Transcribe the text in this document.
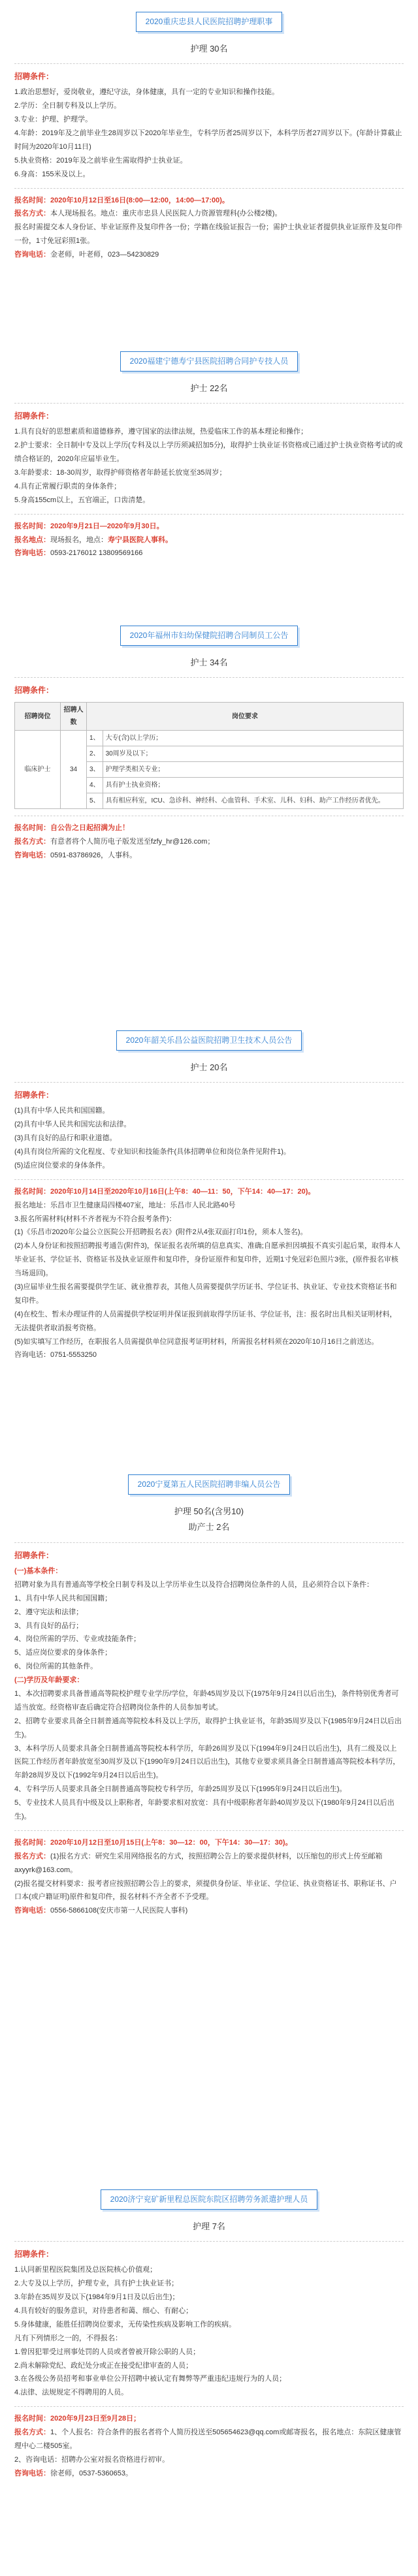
2020重庆忠县人民医院招聘护理职事
护理 30名
招聘条件：
1.政治思想好，爱岗敬业，遵纪守法，身体健康，具有一定的专业知识和操作技能。
2.学历：全日制专科及以上学历。
3.专业：护理、护理学。
4.年龄：2019年及之前毕业生28周岁以下2020年毕业生，专科学历者25周岁以下，本科学历者27周岁以下。(年龄计算截止时间为2020年10月11日)
5.执业资格：2019年及之前毕业生需取得护士执业证。
6.身高：155米及以上。
报名时间：2020年10月12日至16日(8:00—12:00，14:00—17:00)。
报名方式：本人现场报名。地点：重庆市忠县人民医院人力资源管理科(办公楼2楼)。
报名时需提交本人身份证、毕业证原件及复印件各一份；学籍在线验证报告一份；需护士执业证者提供执业证原件及复印件一份，1寸免冠彩照1张。
咨询电话：金老师，叶老师，023—54230829
2020福建宁德寿宁县医院招聘合同护专技人员
护士 22名
招聘条件：
1.具有良好的思想素质和道德修养，遵守国家的法律法规，热爱临床工作的基本理论和操作；
2.护士要求：全日制中专及以上学历(专科及以上学历须减招加5分)，取得护士执业证书资格或已通过护士执业资格考试的或绩合格证的，2020年应届毕业生。
3.年龄要求：18-30周岁，取得护师资格者年龄延长放宽至35周岁；
4.具有正常履行职责的身体条件；
5.身高155cm以上，五官端正，口齿清楚。
报名时间：2020年9月21日—2020年9月30日。
报名地点：现场报名，地点：寿宁县医院人事科。
咨询电话：0593-2176012 13809569166
2020年福州市妇幼保健院招聘合同制员工公告
护士 34名
招聘条件：
招聘岗位	招聘人数	岗位要求	
临床护士	34	1、	大专(含)以上学历；
		2、	30周岁及以下；
		3、	护理学类相关专业；
		4、	具有护士执业资格；
		5、	具有相应科室，ICU、急诊科、神经科、心血管科、手术室、儿科、妇科、助产工作经历者优先。
报名时间：自公告之日起招满为止！
报名方式：有意者将个人简历电子版发送至fzfy_hr@126.com；
咨询电话：0591-83786926，人事科。
2020年韶关乐昌公益医院招聘卫生技术人员公告
护士 20名
招聘条件：
(1)具有中华人民共和国国籍。
(2)具有中华人民共和国宪法和法律。
(3)具有良好的品行和职业道德。
(4)具有岗位所需的文化程度、专业知识和技能条件(具体招聘单位和岗位条件见附件1)。
(5)适应岗位要求的身体条件。
报名时间：2020年10月14日至2020年10月16日(上午8：40—11：50，下午14：40—17：20)。
报名地址：乐昌市卫生健康局四楼407室，地址：乐昌市人民北路40号
3.报名所需材料(材料不齐者视为不符合报考条件)：
(1)《乐昌市2020年公益公立医院公开招聘报名表》(附件2从4张双面打印1份，须本人签名)。
(2)本人身份证和按照招聘报考通告(附件3)，保证报名表所填的信息真实、准确;自愿承担因填报不真实引起后果，取得本人毕业证书、学位证书、资格证书及执业证原件和复印件，身份证原件和复印件，近期1寸免冠彩色照片3张，(原件报名审核当场退回)。
(3)应届毕业生报名需要提供学生证、就业推荐表，其他人员需要提供学历证书、学位证书、执业证、专业技术资格证书和复印件。
(4)在校生、暂未办理证件的人员需提供学校证明并保证报到前取得学历证书、学位证书，注：报名时出具相关证明材料，无法提供者取消报考资格。
(5)如实填写工作经历，在职报名人员需提供单位同意报考证明材料，所需报名材料须在2020年10月16日之前送达。
咨询电话：0751-5553250
2020宁夏第五人民医院招聘非编人员公告
护理 50名(含男10)
助产士 2名
招聘条件：
(一)基本条件：
招聘对象为具有普通高等学校全日制专科及以上学历毕业生以及符合招聘岗位条件的人员，且必须符合以下条件：
1、具有中华人民共和国国籍；
2、遵守宪法和法律；
3、具有良好的品行；
4、岗位所需的学历、专业或技能条件；
5、适应岗位要求的身体条件；
6、岗位所需的其他条件。
(二)学历及年龄要求：
1、本次招聘要求具备普通高等院校护理专业学历/学位，年龄45周岁及以下(1975年9月24日以后出生)，条件特别优秀者可适当放宽。经资格审查后确定符合招聘岗位条件的人员参加考试。
2、招聘专业要求具备全日制普通高等院校本科及以上学历，取得护士执业证书，年龄35周岁及以下(1985年9月24日以后出生)。
3、本科学历人员要求具备全日制普通高等院校本科学历，年龄26周岁及以下(1994年9月24日以后出生)，具有二级及以上医院工作经历者年龄放宽至30周岁及以下(1990年9月24日以后出生)，其他专业要求须具备全日制普通高等院校本科学历，年龄28周岁及以下(1992年9月24日以后出生)。
4、专科学历人员要求具备全日制普通高等院校专科学历，年龄25周岁及以下(1995年9月24日以后出生)。
5、专业技术人员具有中级及以上职称者，年龄要求相对放宽：具有中级职称者年龄40周岁及以下(1980年9月24日以后出生)。
报名时间：2020年10月12日至10月15日(上午8：30—12：00，下午14：30—17：30)。
报名方式：(1)报名方式：研究生采用网络报名的方式，按照招聘公告上的要求提供材料，以压缩包的形式上传至邮箱axyyrk@163.com。
(2)报名提交材料要求：报考者应按照招聘公告上的要求，须提供身份证、毕业证、学位证、执业资格证书、职称证书、户口本(或户籍证明)原件和复印件，报名材料不齐全者不予受理。
咨询电话：0556-5866108(安庆市第一人民医院人事科)
2020济宁兖矿新里程总医院东院区招聘劳务派遣护理人员
护理 7名
招聘条件：
1.认同新里程医院集团及总医院核心价值观；
2.大专及以上学历，护理专业，具有护士执业证书；
3.年龄在35周岁及以下(1984年9月1日及以后出生)；
4.具有较好的服务意识，对待患者和蔼、细心、有耐心；
5.身体健康，能胜任招聘岗位要求，无传染性疾病及影响工作的疾病。
凡有下列情形之一的，不得报名：
1.曾因犯罪受过刑事处罚的人员或者曾被开除公职的人员；
2.尚未解除党纪、政纪处分或正在接受纪律审查的人员；
3.在各级公务员招考和事业单位公开招聘中被认定有舞弊等严重违纪违规行为的人员；
4.法律、法规规定不得聘用的人员。
报名时间：2020年9月23日至9月28日；
报名方式：1、个人报名：符合条件的报名者将个人简历投送至505654623@qq.com或邮寄报名，报名地点：东院区健康管理中心二楼505室。
2、咨询电话：招聘办公室对报名资格进行初审。
咨询电话：徐老师，0537-5360653。
